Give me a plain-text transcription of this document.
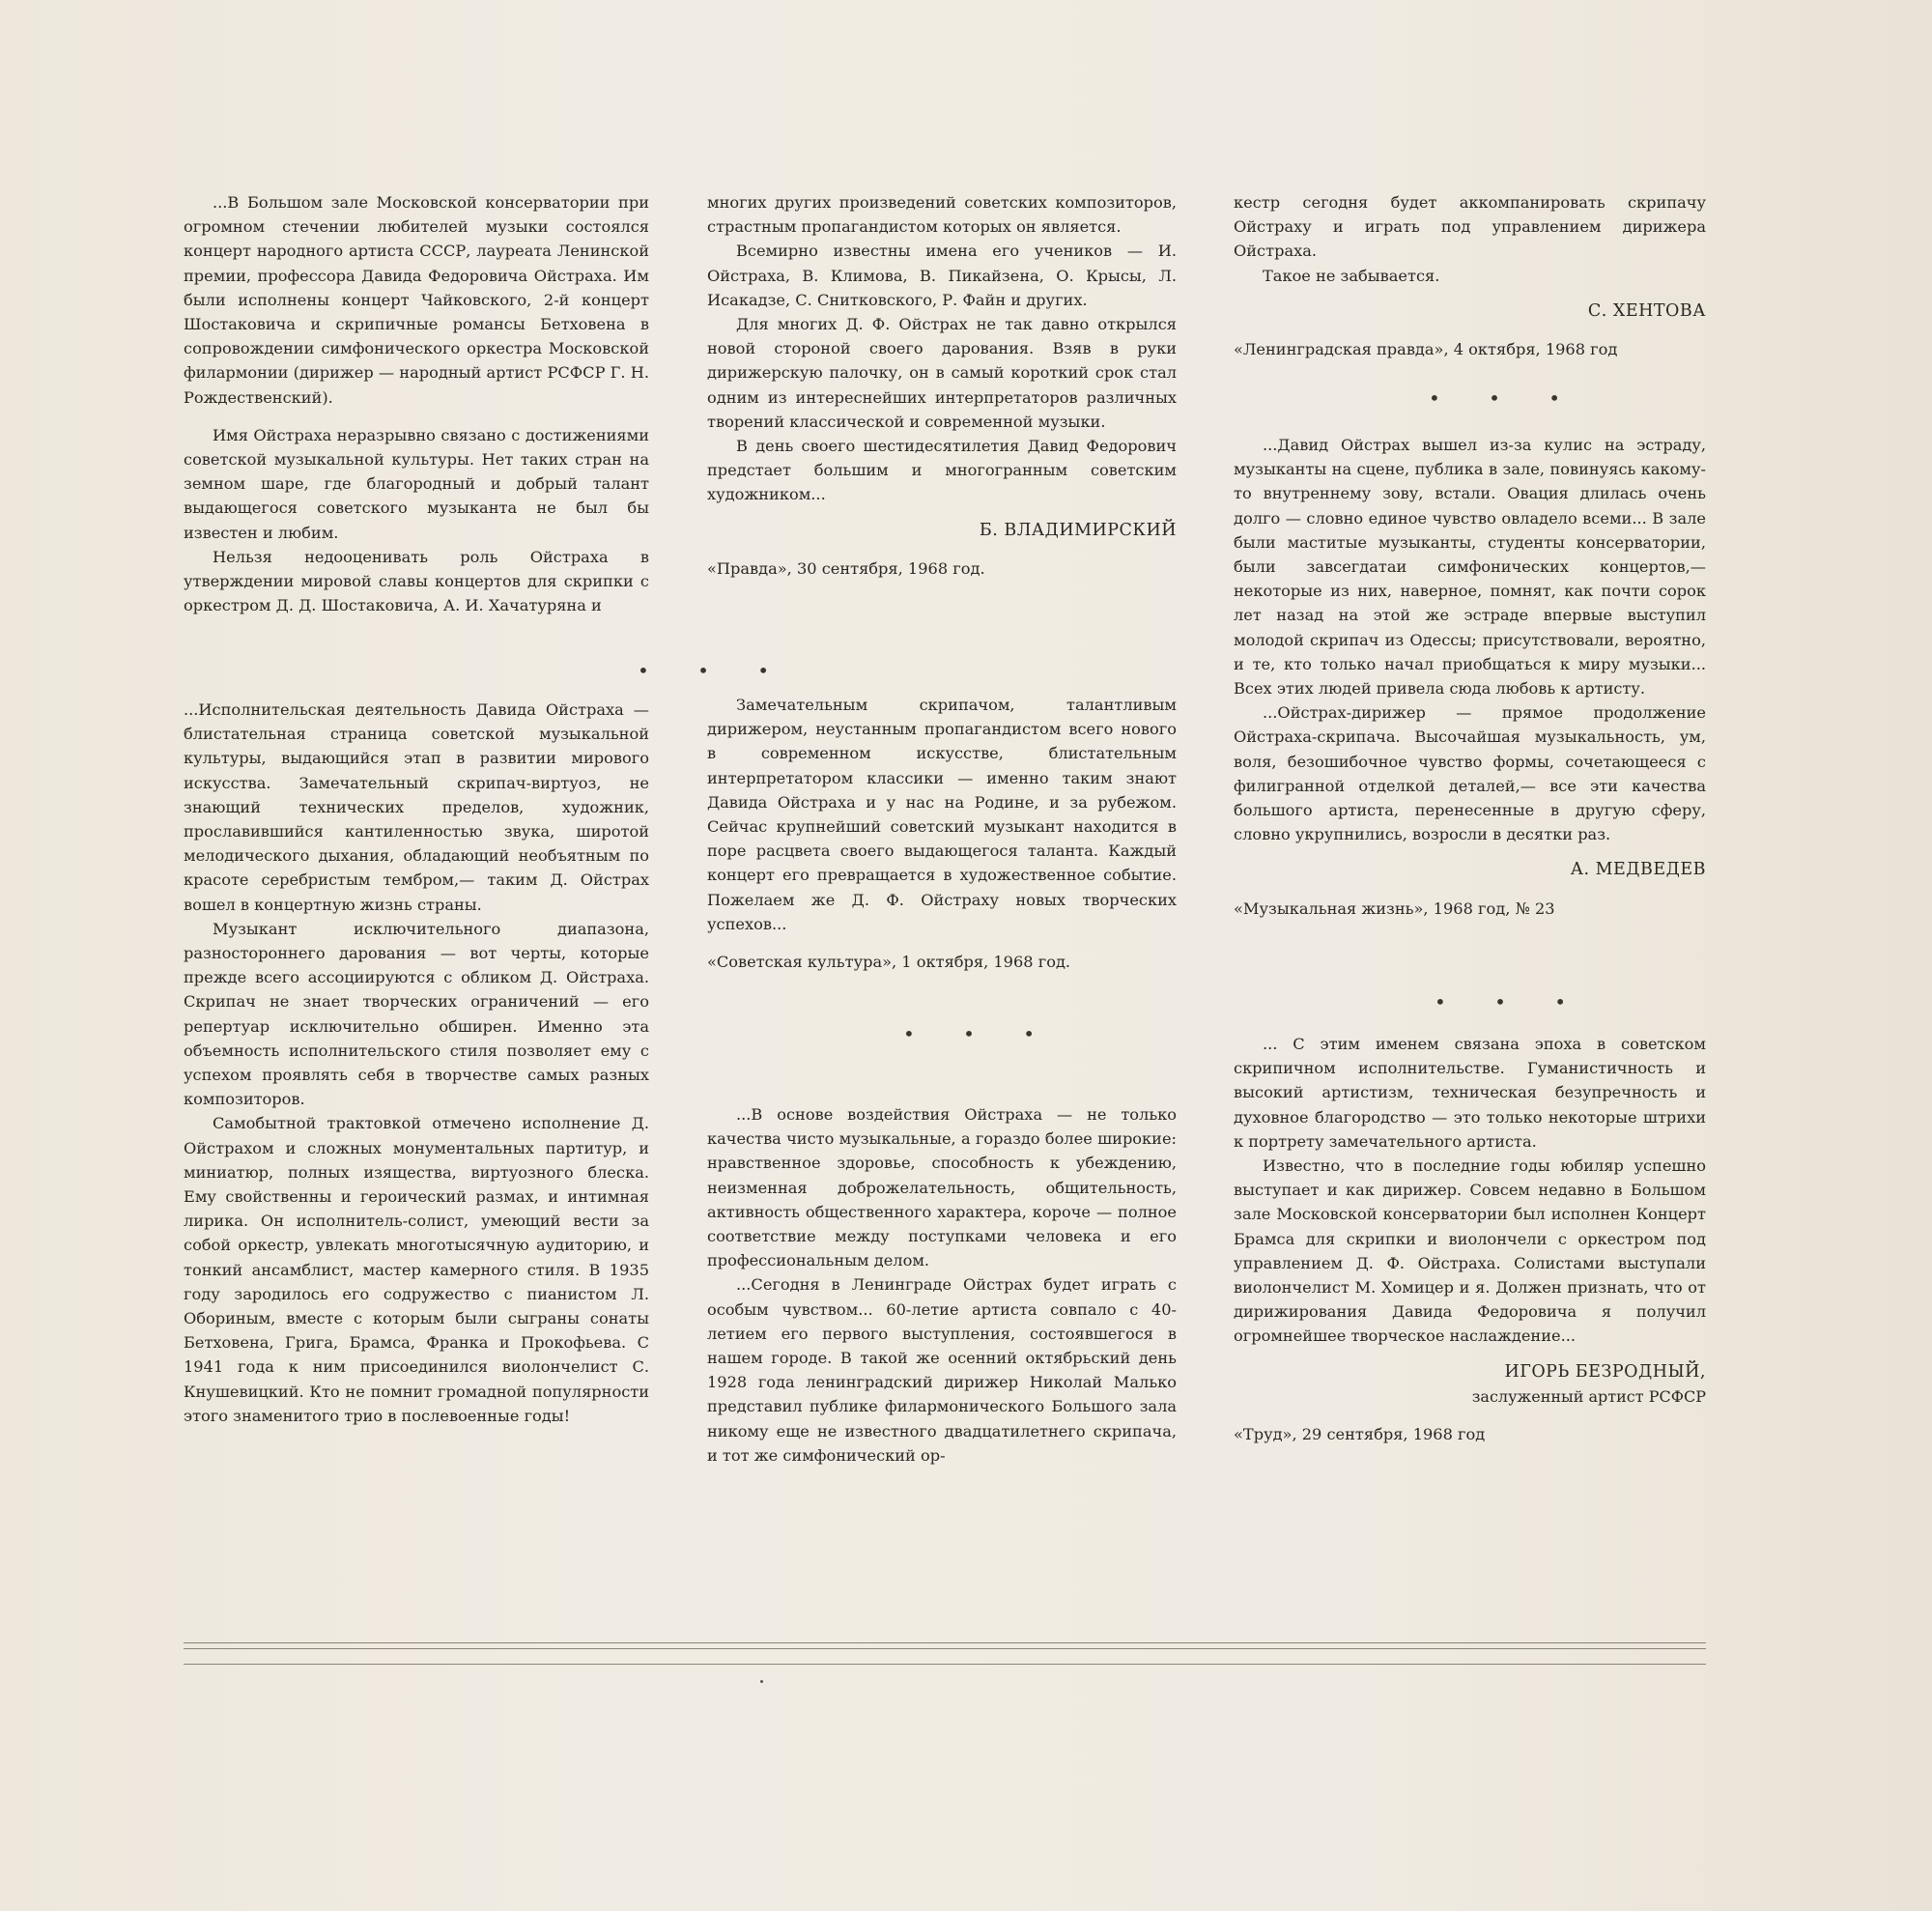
...В Большом зале Московской консерватории при огромном стечении любителей музыки состоялся концерт народного артиста СССР, лауреата Ленинской премии, профессора Давида Федоровича Ойстраха. Им были исполнены концерт Чайковского, 2-й концерт Шостаковича и скрипичные романсы Бетховена в сопровождении симфонического оркестра Московской филармонии (дирижер — народный артист РСФСР Г. Н. Рождественский).

Имя Ойстраха неразрывно связано с достижениями советской музыкальной культуры. Нет таких стран на земном шаре, где благородный и добрый талант выдающегося советского музыканта не был бы известен и любим.

Нельзя недооценивать роль Ойстраха в утверждении мировой славы концертов для скрипки с оркестром Д. Д. Шостаковича, А. И. Хачатуряна и

• • •

...Исполнительская деятельность Давида Ойстраха — блистательная страница советской музыкальной культуры, выдающийся этап в развитии мирового искусства. Замечательный скрипач-виртуоз, не знающий технических пределов, художник, прославившийся кантиленностью звука, широтой мелодического дыхания, обладающий необъятным по красоте серебристым тембром,— таким Д. Ойстрах вошел в концертную жизнь страны.

Музыкант исключительного диапазона, разностороннего дарования — вот черты, которые прежде всего ассоциируются с обликом Д. Ойстраха. Скрипач не знает творческих ограничений — его репертуар исключительно обширен. Именно эта объемность исполнительского стиля позволяет ему с успехом проявлять себя в творчестве самых разных композиторов.

Самобытной трактовкой отмечено исполнение Д. Ойстрахом и сложных монументальных партитур, и миниатюр, полных изящества, виртуозного блеска. Ему свойственны и героический размах, и интимная лирика. Он исполнитель-солист, умеющий вести за собой оркестр, увлекать многотысячную аудиторию, и тонкий ансамблист, мастер камерного стиля. В 1935 году зародилось его содружество с пианистом Л. Обориным, вместе с которым были сыграны сонаты Бетховена, Грига, Брамса, Франка и Прокофьева. С 1941 года к ним присоединился виолончелист С. Кнушевицкий. Кто не помнит громадной популярности этого знаменитого трио в послевоенные годы!

многих других произведений советских композиторов, страстным пропагандистом которых он является.

Всемирно известны имена его учеников — И. Ойстраха, В. Климова, В. Пикайзена, О. Крысы, Л. Исакадзе, С. Снитковского, Р. Файн и других.

Для многих Д. Ф. Ойстрах не так давно открылся новой стороной своего дарования. Взяв в руки дирижерскую палочку, он в самый короткий срок стал одним из интереснейших интерпретаторов различных творений классической и современной музыки.

В день своего шестидесятилетия Давид Федорович предстает большим и многогранным советским художником...

Б. ВЛАДИМИРСКИЙ

«Правда», 30 сентября, 1968 год.

Замечательным скрипачом, талантливым дирижером, неустанным пропагандистом всего нового в современном искусстве, блистательным интерпретатором классики — именно таким знают Давида Ойстраха и у нас на Родине, и за рубежом. Сейчас крупнейший советский музыкант находится в поре расцвета своего выдающегося таланта. Каждый концерт его превращается в художественное событие. Пожелаем же Д. Ф. Ойстраху новых творческих успехов...

«Советская культура», 1 октября, 1968 год.

• • •

...В основе воздействия Ойстраха — не только качества чисто музыкальные, а гораздо более широкие: нравственное здоровье, способность к убеждению, неизменная доброжелательность, общительность, активность общественного характера, короче — полное соответствие между поступками человека и его профессиональным делом.

...Сегодня в Ленинграде Ойстрах будет играть с особым чувством... 60-летие артиста совпало с 40-летием его первого выступления, состоявшегося в нашем городе. В такой же осенний октябрьский день 1928 года ленинградский дирижер Николай Малько представил публике филармонического Большого зала никому еще не известного двадцатилетнего скрипача, и тот же симфонический ор-

кестр сегодня будет аккомпанировать скрипачу Ойстраху и играть под управлением дирижера Ойстраха.

Такое не забывается.

С. ХЕНТОВА

«Ленинградская правда», 4 октября, 1968 год

• • •

...Давид Ойстрах вышел из-за кулис на эстраду, музыканты на сцене, публика в зале, повинуясь какому-то внутреннему зову, встали. Овация длилась очень долго — словно единое чувство овладело всеми... В зале были маститые музыканты, студенты консерватории, были завсегдатаи симфонических концертов,— некоторые из них, наверное, помнят, как почти сорок лет назад на этой же эстраде впервые выступил молодой скрипач из Одессы; присутствовали, вероятно, и те, кто только начал приобщаться к миру музыки... Всех этих людей привела сюда любовь к артисту.

...Ойстрах-дирижер — прямое продолжение Ойстраха-скрипача. Высочайшая музыкальность, ум, воля, безошибочное чувство формы, сочетающееся с филигранной отделкой деталей,— все эти качества большого артиста, перенесенные в другую сферу, словно укрупнились, возросли в десятки раз.

А. МЕДВЕДЕВ

«Музыкальная жизнь», 1968 год, № 23

• • •

... С этим именем связана эпоха в советском скрипичном исполнительстве. Гуманистичность и высокий артистизм, техническая безупречность и духовное благородство — это только некоторые штрихи к портрету замечательного артиста.

Известно, что в последние годы юбиляр успешно выступает и как дирижер. Совсем недавно в Большом зале Московской консерватории был исполнен Концерт Брамса для скрипки и виолончели с оркестром под управлением Д. Ф. Ойстраха. Солистами выступали виолончелист М. Хомицер и я. Должен признать, что от дирижирования Давида Федоровича я получил огромнейшее творческое наслаждение...

ИГОРЬ БЕЗРОДНЫЙ,

заслуженный артист РСФСР

«Труд», 29 сентября, 1968 год
